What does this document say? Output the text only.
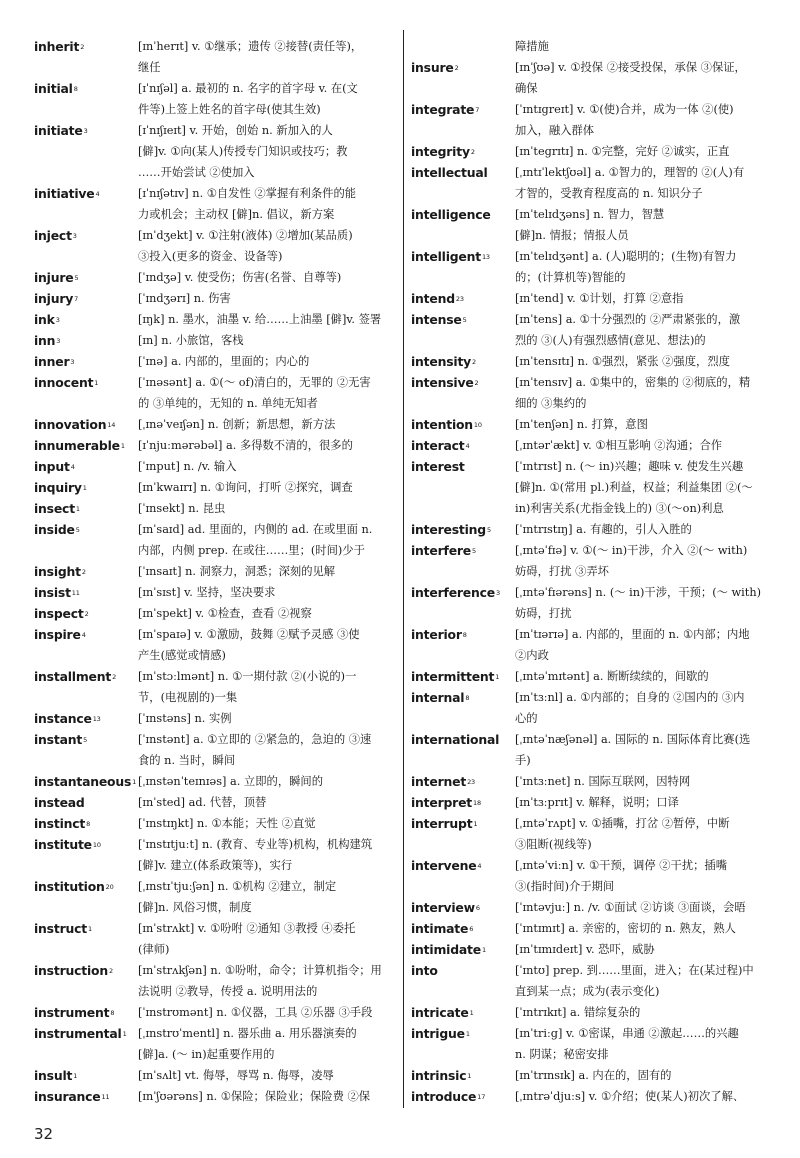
inherit$^2$	[ɪnˈherɪt] v. ①继承；遗传 ②接替(责任等)，
继任
initial$^8$	[ɪˈnɪʃəl] a. 最初的 n. 名字的首字母 v. 在(文
件等)上签上姓名的首字母(使其生效)
initiate$^3$	[ɪˈnɪʃɪeɪt] v. 开始，创始 n. 新加入的人
[僻]v. ①向(某人)传授专门知识或技巧；教
……开始尝试 ②使加入
initiative$^4$	[ɪˈnɪʃətɪv] n. ①自发性 ②掌握有利条件的能
力或机会；主动权 [僻]n. 倡议，新方案
inject$^3$	[ɪnˈdʒekt] v. ①注射(液体) ②增加(某品质)
③投入(更多的资金、设备等)
injure$^5$	[ˈɪndʒə] v. 使受伤；伤害(名誉、自尊等)
injury$^7$	[ˈɪndʒərɪ] n. 伤害
ink$^3$	[ɪŋk] n. 墨水，油墨 v. 给……上油墨 [僻]v. 签署
inn$^3$	[ɪn] n. 小旅馆，客栈
inner$^3$	[ˈɪnə] a. 内部的，里面的；内心的
innocent$^1$	[ˈɪnəsənt] a. ①(～ of)清白的，无罪的 ②无害
的 ③单纯的，无知的 n. 单纯无知者
innovation$^{14}$ [ˌɪnəˈveɪʃən] n. 创新；新思想，新方法
innumerable$^1$ [ɪˈnjuːmərəbəl] a. 多得数不清的，很多的
input$^4$	[ˈɪnput] n. /v. 输入
inquiry$^1$	[ɪnˈkwaɪrɪ] n. ①询问，打听 ②探究，调查
insect$^1$	[ˈɪnsekt] n. 昆虫
inside$^5$	[ɪnˈsaɪd] ad. 里面的，内侧的 ad. 在或里面 n.
内部，内侧 prep. 在或往……里；(时间)少于
insight$^2$	[ˈɪnsaɪt] n. 洞察力，洞悉；深刻的见解
insist$^{11}$	[ɪnˈsɪst] v. 坚持，坚决要求
inspect$^2$	[ɪnˈspekt] v. ①检查，查看 ②视察
inspire$^4$	[ɪnˈspaɪə] v. ①激励，鼓舞 ②赋予灵感 ③使
产生(感觉或情感)
installment$^2$ [ɪnˈstɔːlmənt] n. ①一期付款 ②(小说的)一
节，(电视剧的)一集
instance$^{13}$	[ˈɪnstəns] n. 实例
instant$^5$	[ˈɪnstənt] a. ①立即的 ②紧急的，急迫的 ③速
食的 n. 当时，瞬间
instantaneous$^1$ [ˌɪnstənˈteɪnɪəs] a. 立即的，瞬间的
instead	[ɪnˈsted] ad. 代替，顶替
instinct$^8$	[ˈɪnstɪŋkt] n. ①本能；天性 ②直觉
institute$^{10}$	[ˈɪnstɪtjuːt] n. (教育、专业等)机构，机构建筑
[僻]v. 建立(体系政策等)，实行
institution$^{20}$ [ˌɪnstɪˈtjuːʃən] n. ①机构 ②建立，制定
[僻]n. 风俗习惯，制度
instruct$^1$	[ɪnˈstrʌkt] v. ①吩咐 ②通知 ③教授 ④委托
(律师)
instruction$^2$ [ɪnˈstrʌkʃən] n. ①吩咐，命令；计算机指令；用
法说明 ②教导，传授 a. 说明用法的
instrument$^8$ [ˈɪnstrʊmənt] n. ①仪器，工具 ②乐器 ③手段
instrumental$^1$ [ˌɪnstrʊˈmentl] n. 器乐曲 a. 用乐器演奏的
[僻]a. (～ in)起重要作用的
insult$^1$	[ɪnˈsʌlt] vt. 侮辱，辱骂 n. 侮辱，凌辱
insurance$^{11}$	[ɪnˈʃʊərəns] n. ①保险；保险业；保险费 ②保
障措施
insure$^2$	[ɪnˈʃʊə] v. ①投保 ②接受投保，承保 ③保证，
确保
integrate$^7$	[ˈɪntɪgreɪt] v. ①(使)合并，成为一体 ②(使)
加入，融入群体
integrity$^2$	[ɪnˈtegrɪtɪ] n. ①完整，完好 ②诚实，正直
intellectual [ˌɪntɪˈlektʃʊəl] a. ①智力的，理智的 ②(人)有
才智的，受教育程度高的 n. 知识分子
intelligence [ɪnˈtelɪdʒəns] n. 智力，智慧
[僻]n. 情报；情报人员
intelligent$^{13}$ [ɪnˈtelɪdʒənt] a. (人)聪明的；(生物)有智力
的；(计算机等)智能的
intend$^{23}$	[ɪnˈtend] v. ①计划，打算 ②意指
intense$^5$	[ɪnˈtens] a. ①十分强烈的 ②严肃紧张的，激
烈的 ③(人)有强烈感情(意见、想法)的
intensity$^2$	[ɪnˈtensɪtɪ] n. ①强烈，紧张 ②强度，烈度
intensive$^2$	[ɪnˈtensɪv] a. ①集中的，密集的 ②彻底的，精
细的 ③集约的
intention$^{10}$	[ɪnˈtenʃən] n. 打算，意图
interact$^4$	[ˌɪntərˈækt] v. ①相互影响 ②沟通；合作
interest	[ˈɪntrɪst] n. (～ in)兴趣；趣味 v. 使发生兴趣
[僻]n. ①(常用 pl.)利益，权益；利益集团 ②(～
in)利害关系(尤指金钱上的) ③(～on)利息
interesting$^5$ [ˈɪntrɪstɪŋ] a. 有趣的，引人入胜的
interfere$^5$	[ˌɪntəˈfɪə] v. ①(～ in)干涉，介入 ②(～ with)
妨碍，打扰 ③弄坏
interference$^3$ [ˌɪntəˈfɪərəns] n. (～ in)干涉，干预；(～ with)
妨碍，打扰
interior$^8$	[ɪnˈtɪərɪə] a. 内部的，里面的 n. ①内部；内地
②内政
intermittent$^1$ [ˌɪntəˈmɪtənt] a. 断断续续的，间歇的
internal$^8$	[ɪnˈtɜːnl] a. ①内部的；自身的 ②国内的 ③内
心的
international [ˌɪntəˈnæʃənəl] a. 国际的 n. 国际体育比赛(选
手)
internet$^{23}$	[ˈɪntɜːnet] n. 国际互联网，因特网
interpret$^{18}$	[ɪnˈtɜːprɪt] v. 解释，说明；口译
interrupt$^1$	[ˌɪntəˈrʌpt] v. ①插嘴，打岔 ②暂停，中断
③阻断(视线等)
intervene$^4$	[ˌɪntəˈviːn] v. ①干预，调停 ②干扰；插嘴
③(指时间)介于期间
interview$^6$	[ˈɪntəvjuː] n. /v. ①面试 ②访谈 ③面谈，会晤
intimate$^6$	[ˈɪntɪmɪt] a. 亲密的，密切的 n. 熟友，熟人
intimidate$^1$	[ɪnˈtɪmɪdeɪt] v. 恐吓，威胁
into	[ˈɪntʊ] prep. 到……里面，进入；在(某过程)中
直到某一点；成为(表示变化)
intricate$^1$	[ˈɪntrɪkɪt] a. 错综复杂的
intrigue$^1$	[ɪnˈtriːg] v. ①密谋，串通 ②激起……的兴趣
n. 阴谋；秘密安排
intrinsic$^1$	[ɪnˈtrɪnsɪk] a. 内在的，固有的
introduce$^{17}$	[ˌɪntrəˈdjuːs] v. ①介绍；使(某人)初次了解、
32
